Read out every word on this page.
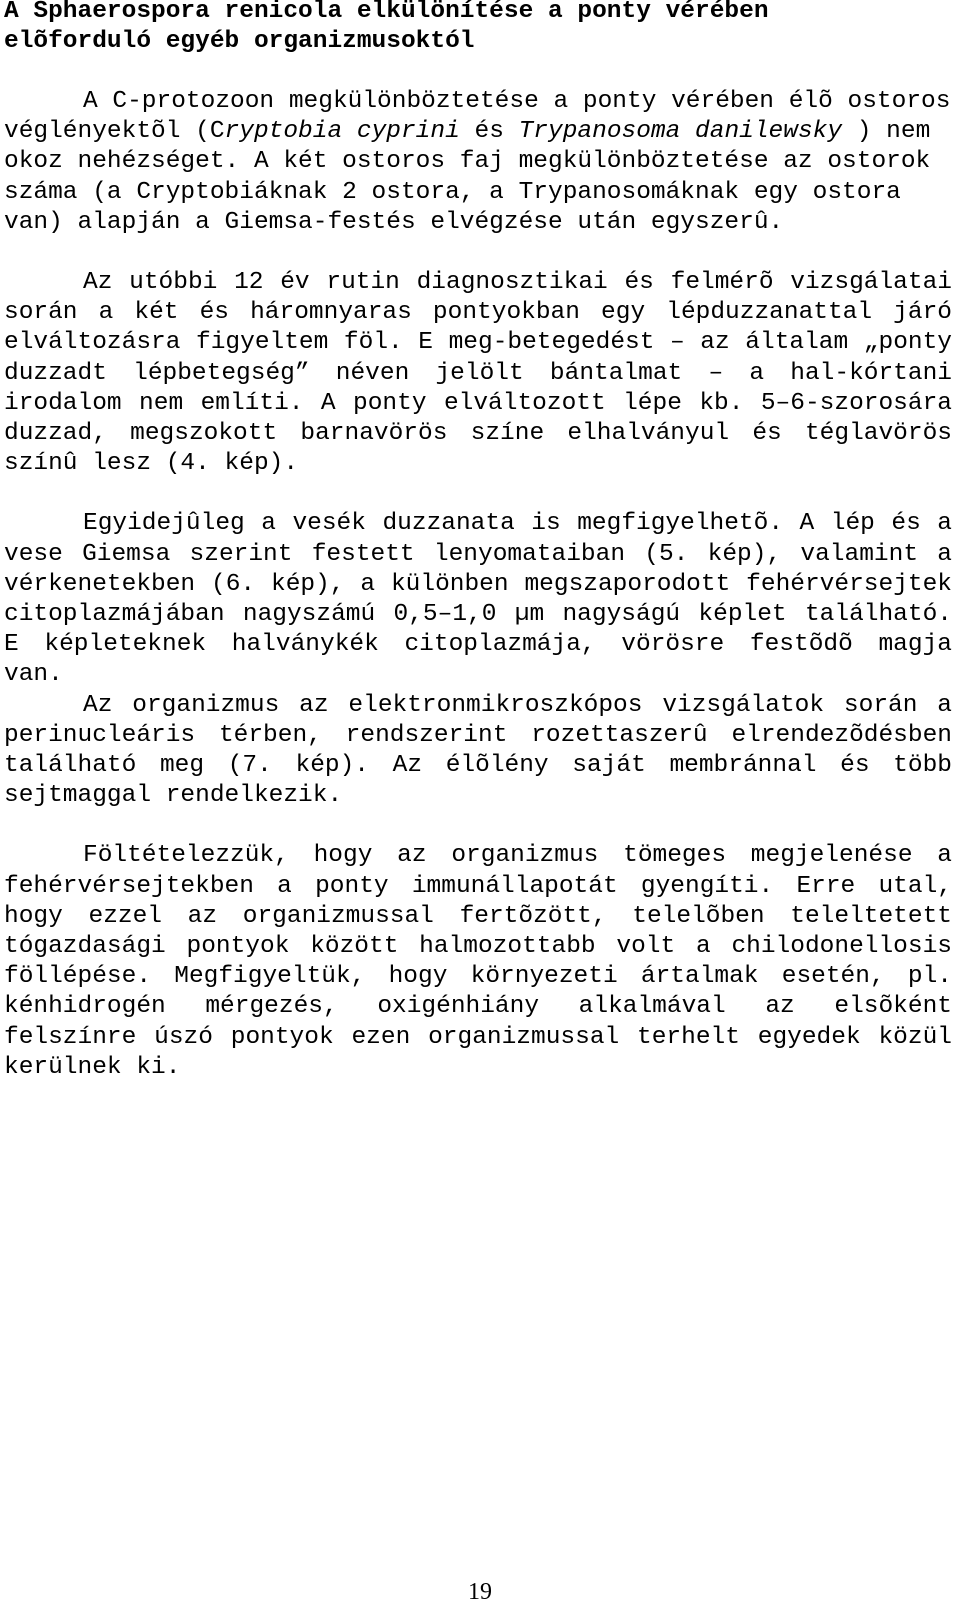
A Sphaerospora renicola elkülönítése a ponty vérében
elõforduló egyéb organizmusoktól

A C-protozoon megkülönböztetése a ponty vérében élõ ostoros véglényektõl (Cryptobia cyprini és Trypanosoma danilewsky ) nem okoz nehézséget. A két ostoros faj megkülönböztetése az ostorok száma (a Cryptobiáknak 2 ostora, a Trypanosomáknak egy ostora van) alapján a Giemsa-festés elvégzése után egyszerû.

Az utóbbi 12 év rutin diagnosztikai és felmérõ vizsgálatai során a két és háromnyaras pontyokban egy lépduzzanattal járó elváltozásra figyeltem föl. E meg-betegedést – az általam „ponty duzzadt lépbetegség” néven jelölt bántalmat – a hal-kórtani irodalom nem említi. A ponty elváltozott lépe kb. 5–6-szorosára duzzad, megszokott barnavörös színe elhalványul és téglavörös színû lesz (4. kép).

Egyidejûleg a vesék duzzanata is megfigyelhetõ. A lép és a vese Giemsa szerint festett lenyomataiban (5. kép), valamint a vérkenetekben (6. kép), a különben megszaporodott fehérvérsejtek citoplazmájában nagyszámú 0,5–1,0 µm nagyságú képlet található. E képleteknek halványkék citoplazmája, vörösre festõdõ magja van.

Az organizmus az elektronmikroszkópos vizsgálatok során a perinucleáris térben, rendszerint rozettaszerû elrendezõdésben található meg (7. kép). Az élõlény saját membránnal és több sejtmaggal rendelkezik.

Föltételezzük, hogy az organizmus tömeges megjelenése a fehérvérsejtekben a ponty immunállapotát gyengíti. Erre utal, hogy ezzel az organizmussal fertõzött, telelõben teleltetett tógazdasági pontyok között halmozottabb volt a chilodonellosis föllépése. Megfigyeltük, hogy környezeti ártalmak esetén, pl. kénhidrogén mérgezés, oxigénhiány alkalmával az elsõként felszínre úszó pontyok ezen organizmussal terhelt egyedek közül kerülnek ki.

19
